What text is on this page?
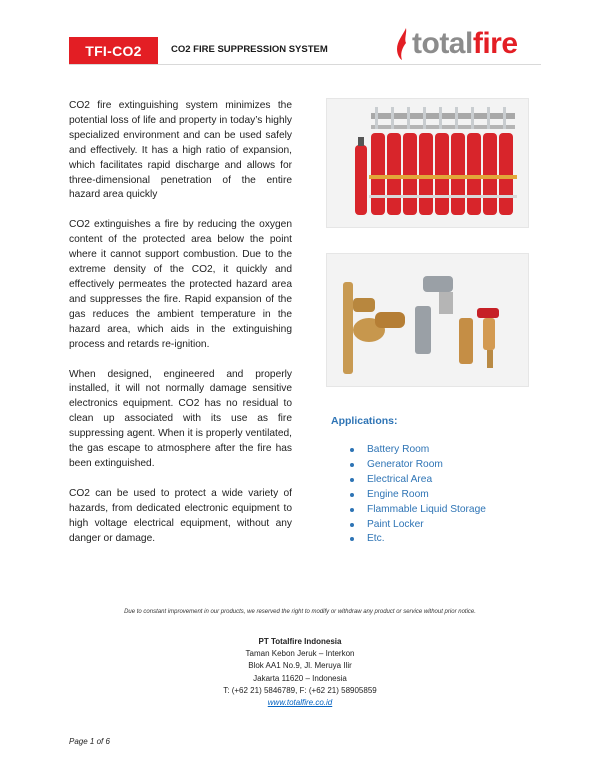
TFI-CO2	CO2 FIRE SUPPRESSION SYSTEM	total fire

CO2 fire extinguishing system minimizes the potential loss of life and property in today’s highly specialized environment and can be used safely and effectively. It has a high ratio of expansion, which facilitates rapid discharge and allows for three-dimensional penetration of the entire hazard area quickly

CO2 extinguishes a fire by reducing the oxygen content of the protected area below the point where it cannot support combustion. Due to the extreme density of the CO2, it quickly and effectively permeates the protected hazard area and suppresses the fire. Rapid expansion of the gas reduces the ambient temperature in the hazard area, which aids in the extinguishing process and retards re-ignition.

When designed, engineered and properly installed, it will not normally damage sensitive electronics equipment. CO2 has no residual to clean up associated with its use as fire suppressing agent. When it is properly ventilated, the gas escape to atmosphere after the fire has been extinguished.

CO2 can be used to protect a wide variety of hazards, from dedicated electronic equipment to high voltage electrical equipment, without any danger or damage.

Applications:
Battery Room
Generator Room
Electrical Area
Engine Room
Flammable Liquid Storage
Paint Locker
Etc.
Due to constant improvement in our products, we reserved the right to modify or withdraw any product or service without prior notice.
PT Totalfire Indonesia
Taman Kebon Jeruk – Interkon
Blok AA1 No.9, Jl. Meruya Ilir
Jakarta 11620 – Indonesia
T: (+62 21) 5846789, F: (+62 21) 58905859
www.totalfire.co.id
Page 1 of 6
